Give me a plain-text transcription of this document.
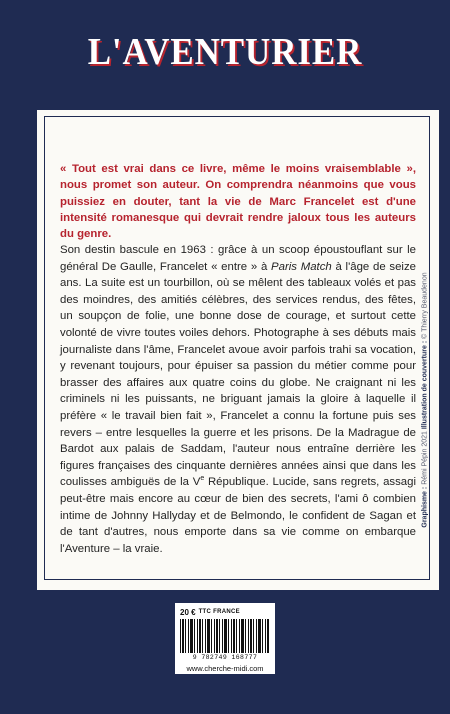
L'AVENTURIER
« Tout est vrai dans ce livre, même le moins vraisemblable », nous promet son auteur. On comprendra néanmoins que vous puissiez en douter, tant la vie de Marc Francelet est d'une intensité romanesque qui devrait rendre jaloux tous les auteurs du genre.
Son destin bascule en 1963 : grâce à un scoop époustouflant sur le général De Gaulle, Francelet « entre » à Paris Match à l'âge de seize ans. La suite est un tourbillon, où se mêlent des tableaux volés et pas des moindres, des amitiés célèbres, des services rendus, des fêtes, un soupçon de folie, une bonne dose de courage, et surtout cette volonté de vivre toutes voiles dehors. Photographe à ses débuts mais journaliste dans l'âme, Francelet avoue avoir parfois trahi sa vocation, y revenant toujours, pour épuiser sa passion du métier comme pour brasser des affaires aux quatre coins du globe. Ne craignant ni les criminels ni les puissants, ne briguant jamais la gloire à laquelle il préfère « le travail bien fait », Francelet a connu la fortune puis ses revers – entre lesquelles la guerre et les prisons. De la Madrague de Bardot aux palais de Saddam, l'auteur nous entraîne derrière les figures françaises des cinquante dernières années ainsi que dans les coulisses ambiguës de la Ve République. Lucide, sans regrets, assagi peut-être mais encore au cœur de bien des secrets, l'ami ô combien intime de Johnny Hallyday et de Belmondo, le confident de Sagan et de tant d'autres, nous emporte dans sa vie comme on embarque l'Aventure – la vraie.
Graphisme : Rémi Pépin 2021 Illustration de couverture : © Thierry Beaudenon
20 € TTC FRANCE
9 782749 168777
www.cherche-midi.com
